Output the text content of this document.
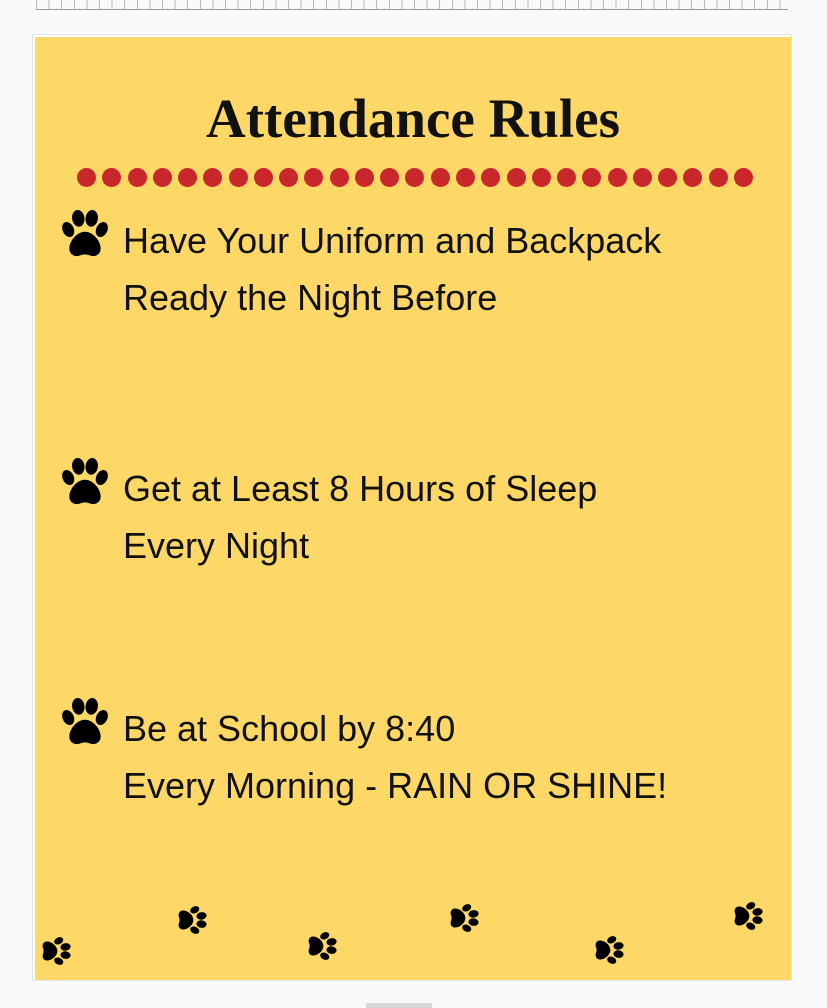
Attendance Rules
Have Your Uniform and Backpack
Ready the Night Before
Get at Least 8 Hours of Sleep
Every Night
Be at School by 8:40
Every Morning - RAIN OR SHINE!
